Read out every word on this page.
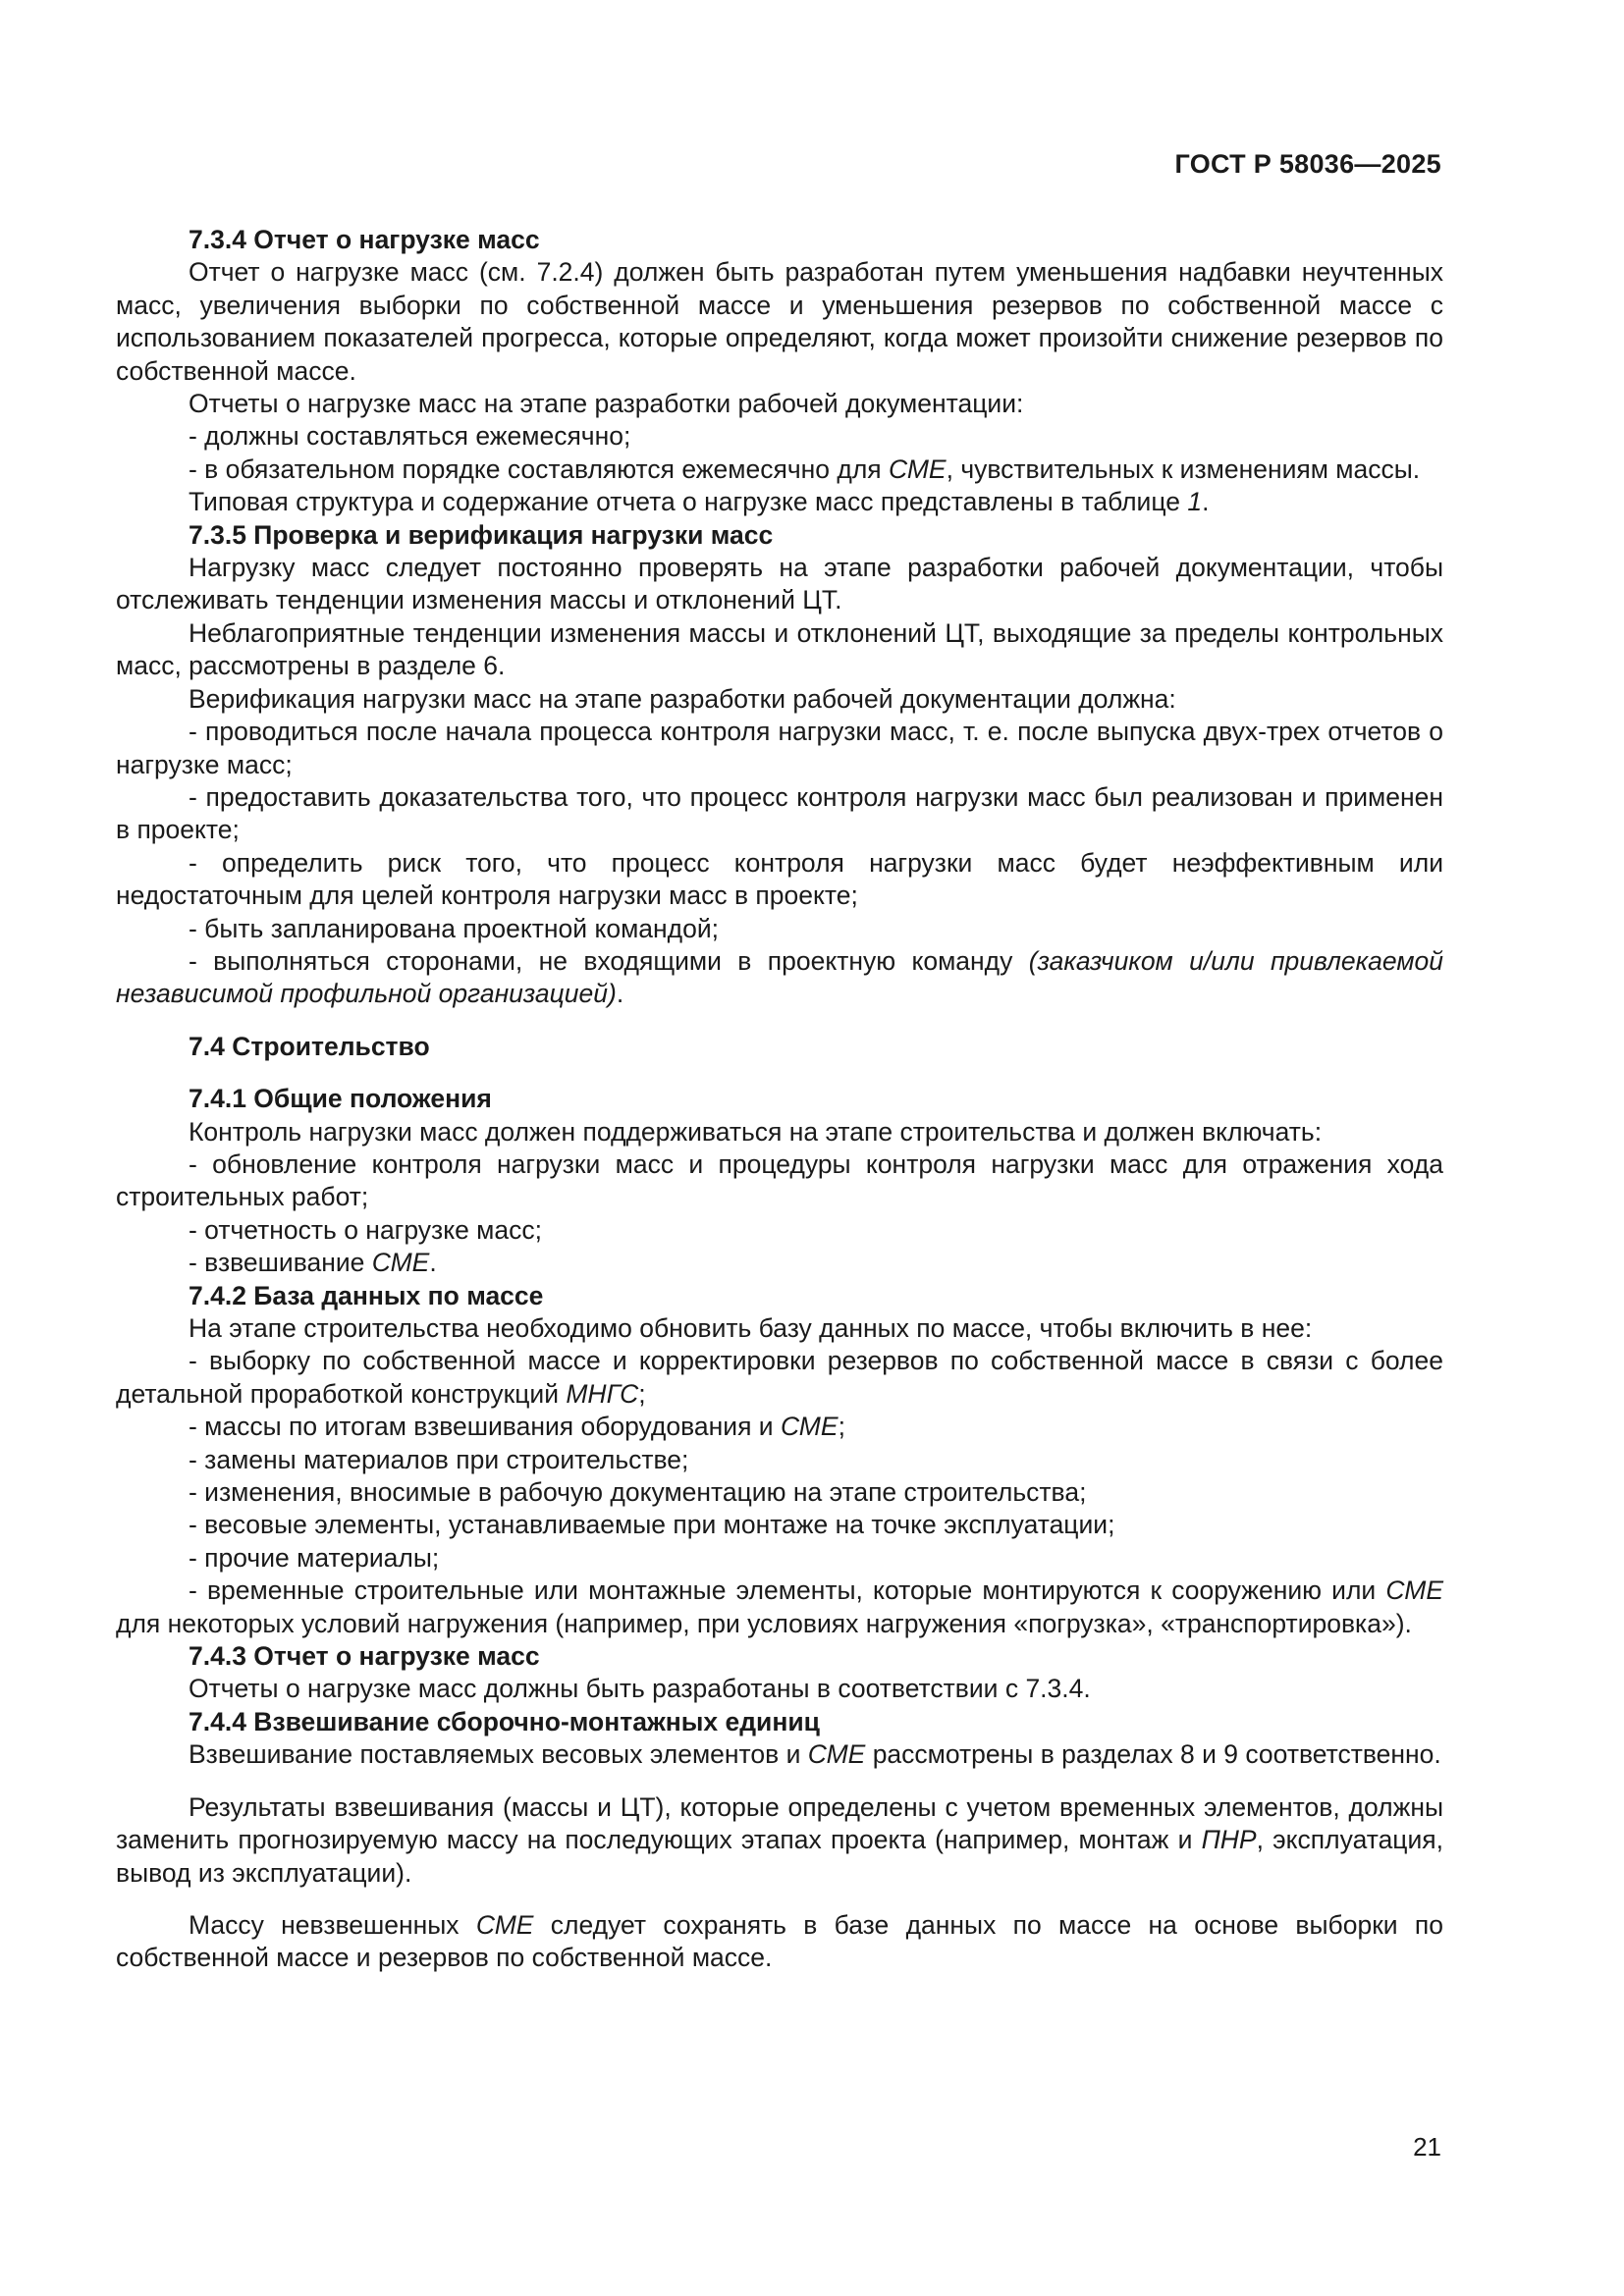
ГОСТ Р 58036—2025

7.3.4 Отчет о нагрузке масс

Отчет о нагрузке масс (см. 7.2.4) должен быть разработан путем уменьшения надбавки неучтенных масс, увеличения выборки по собственной массе и уменьшения резервов по собственной массе с использованием показателей прогресса, которые определяют, когда может произойти снижение резервов по собственной массе.

Отчеты о нагрузке масс на этапе разработки рабочей документации:

- должны составляться ежемесячно;

- в обязательном порядке составляются ежемесячно для СМЕ, чувствительных к изменениям массы.

Типовая структура и содержание отчета о нагрузке масс представлены в таблице 1.

7.3.5 Проверка и верификация нагрузки масс

Нагрузку масс следует постоянно проверять на этапе разработки рабочей документации, чтобы отслеживать тенденции изменения массы и отклонений ЦТ.

Неблагоприятные тенденции изменения массы и отклонений ЦТ, выходящие за пределы контрольных масс, рассмотрены в разделе 6.

Верификация нагрузки масс на этапе разработки рабочей документации должна:

- проводиться после начала процесса контроля нагрузки масс, т. е. после выпуска двух-трех отчетов о нагрузке масс;

- предоставить доказательства того, что процесс контроля нагрузки масс был реализован и применен в проекте;

- определить риск того, что процесс контроля нагрузки масс будет неэффективным или недостаточным для целей контроля нагрузки масс в проекте;

- быть запланирована проектной командой;

- выполняться сторонами, не входящими в проектную команду (заказчиком и/или привлекаемой независимой профильной организацией).

7.4 Строительство

7.4.1 Общие положения

Контроль нагрузки масс должен поддерживаться на этапе строительства и должен включать:

- обновление контроля нагрузки масс и процедуры контроля нагрузки масс для отражения хода строительных работ;

- отчетность о нагрузке масс;

- взвешивание СМЕ.

7.4.2 База данных по массе

На этапе строительства необходимо обновить базу данных по массе, чтобы включить в нее:

- выборку по собственной массе и корректировки резервов по собственной массе в связи с более детальной проработкой конструкций МНГС;

- массы по итогам взвешивания оборудования и СМЕ;

- замены материалов при строительстве;

- изменения, вносимые в рабочую документацию на этапе строительства;

- весовые элементы, устанавливаемые при монтаже на точке эксплуатации;

- прочие материалы;

- временные строительные или монтажные элементы, которые монтируются к сооружению или СМЕ для некоторых условий нагружения (например, при условиях нагружения «погрузка», «транспортировка»).

7.4.3 Отчет о нагрузке масс

Отчеты о нагрузке масс должны быть разработаны в соответствии с 7.3.4.

7.4.4 Взвешивание сборочно-монтажных единиц

Взвешивание поставляемых весовых элементов и СМЕ рассмотрены в разделах 8 и 9 соответственно.

Результаты взвешивания (массы и ЦТ), которые определены с учетом временных элементов, должны заменить прогнозируемую массу на последующих этапах проекта (например, монтаж и ПНР, эксплуатация, вывод из эксплуатации).

Массу невзвешенных СМЕ следует сохранять в базе данных по массе на основе выборки по собственной массе и резервов по собственной массе.

21
